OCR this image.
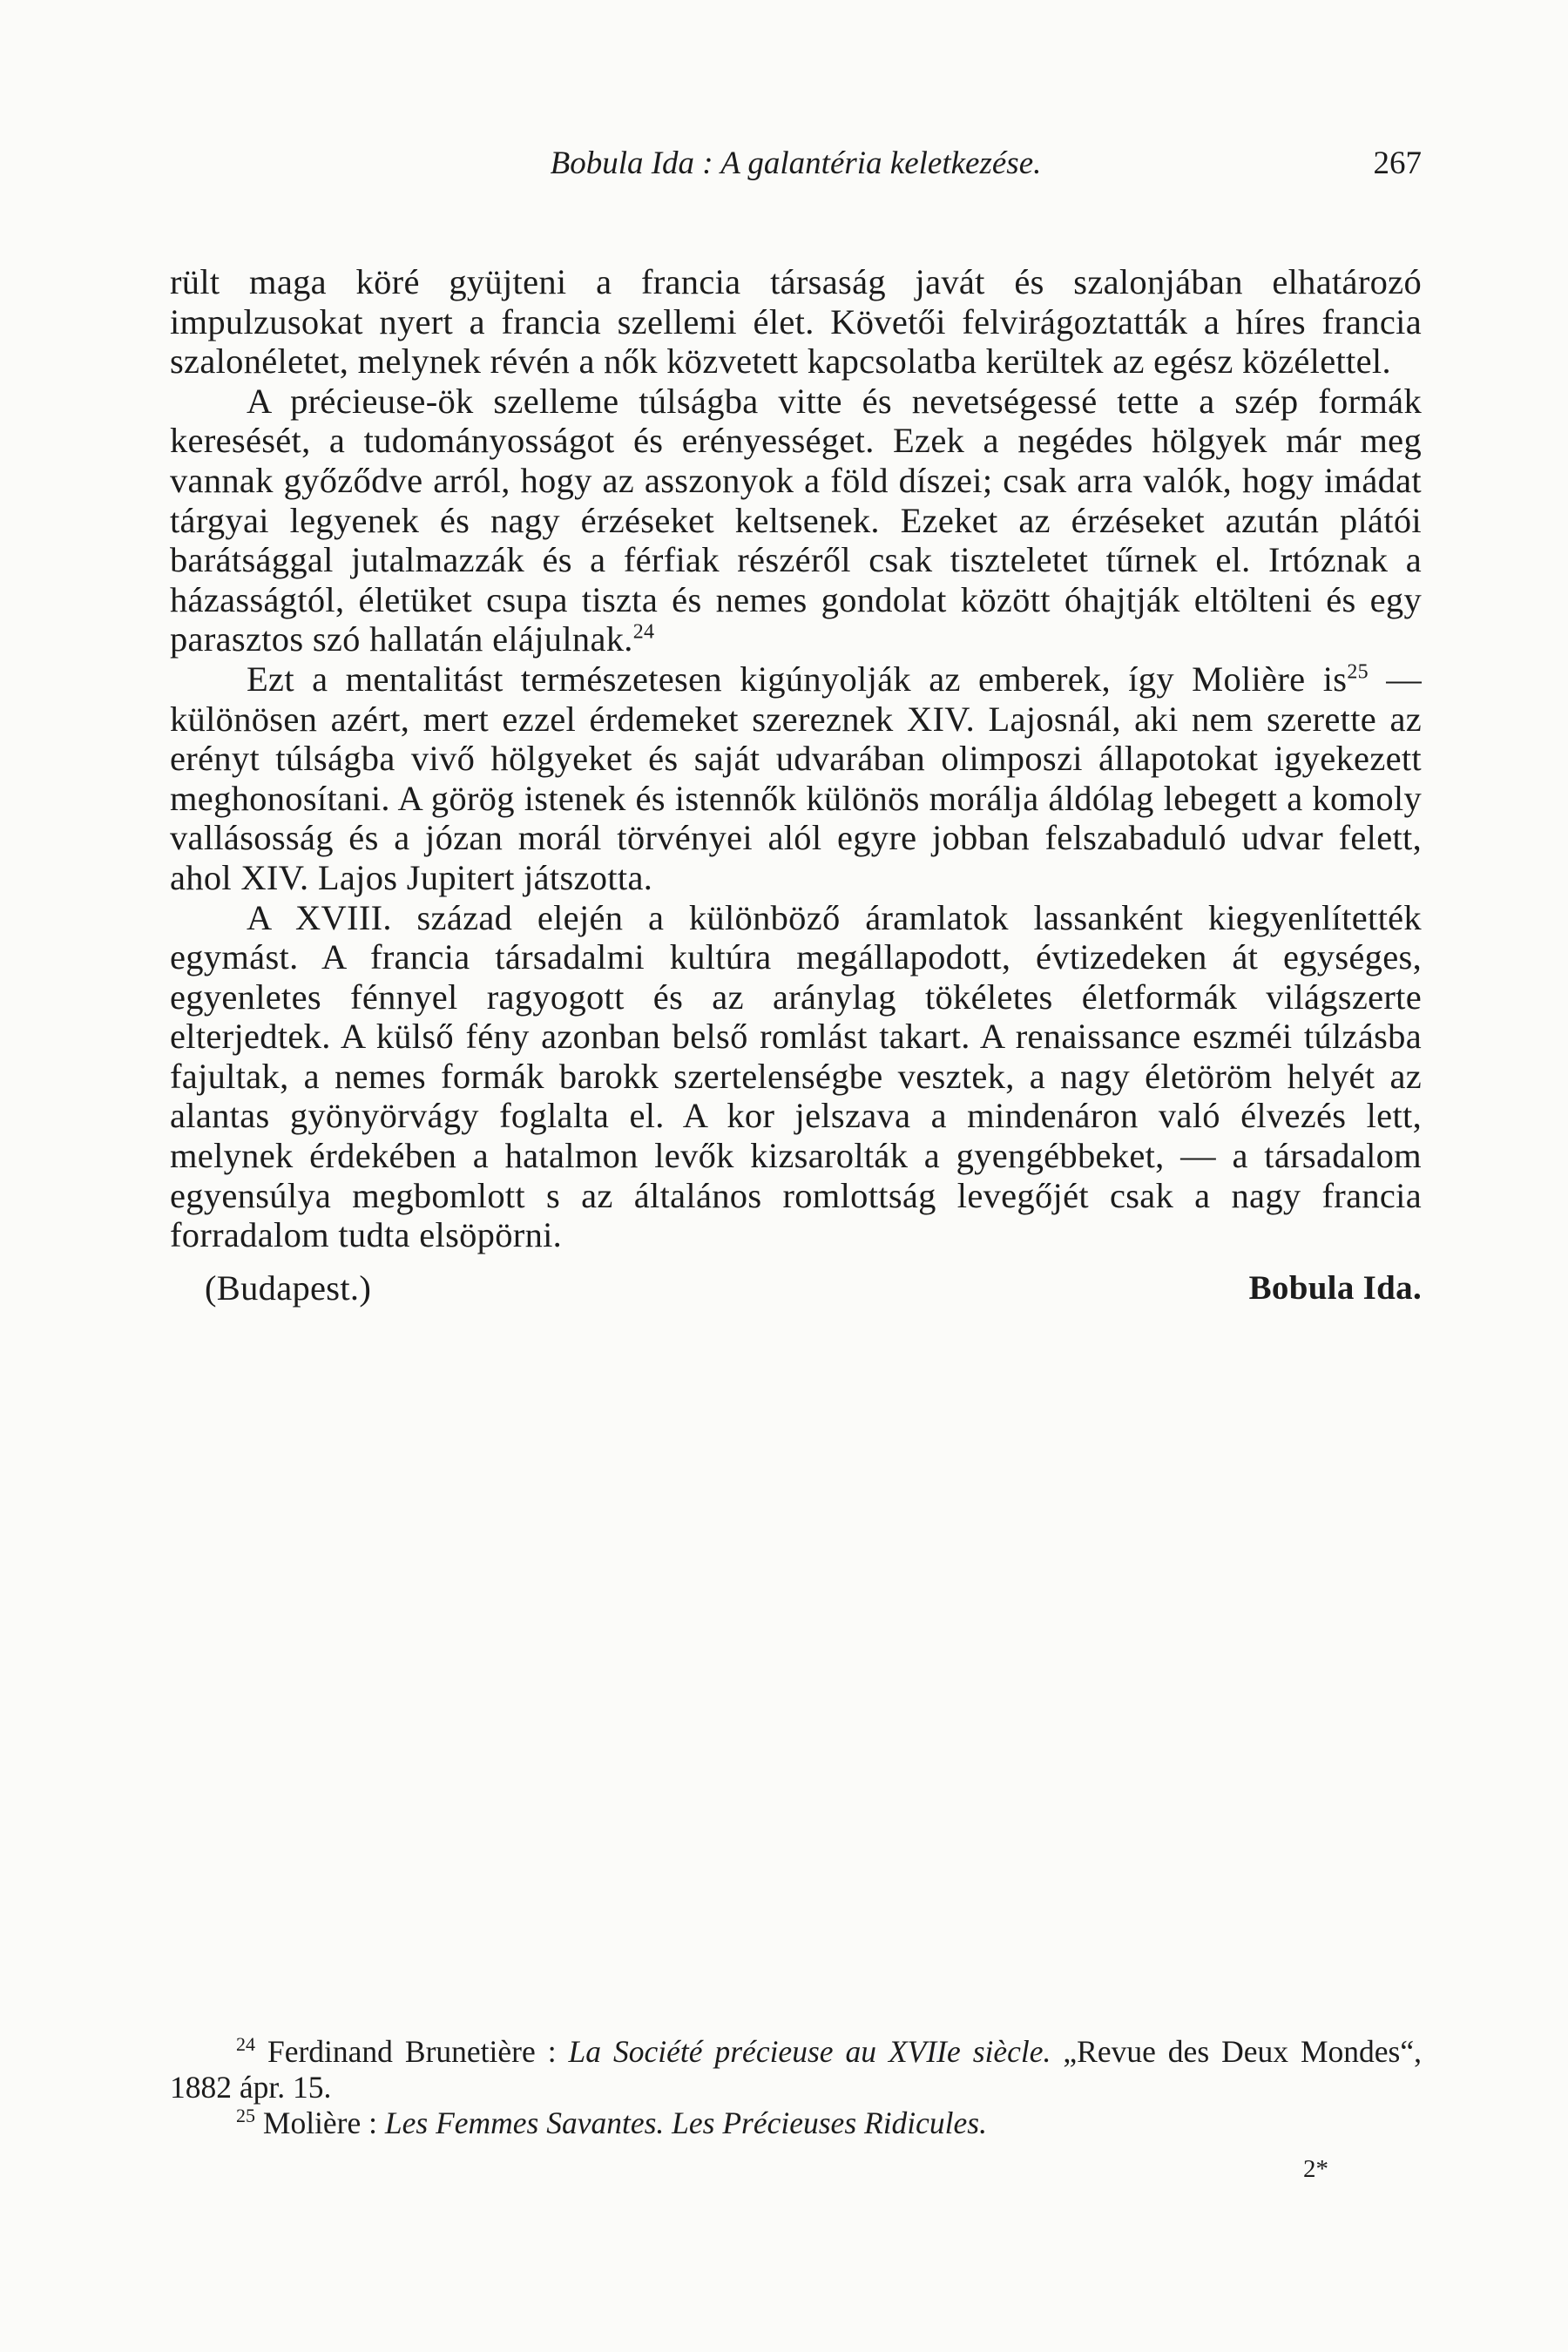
Bobula Ida : A galantéria keletkezése.	267

rült maga köré gyüjteni a francia társaság javát és szalonjában elhatározó impulzusokat nyert a francia szellemi élet. Követői felvirágoztatták a híres francia szalonéletet, melynek révén a nők közvetett kapcsolatba kerültek az egész közélettel.

A précieuse-ök szelleme túlságba vitte és nevetségessé tette a szép formák keresését, a tudományosságot és erényességet. Ezek a negédes hölgyek már meg vannak győződve arról, hogy az asszonyok a föld díszei; csak arra valók, hogy imádat tárgyai legyenek és nagy érzéseket keltsenek. Ezeket az érzéseket azután plátói barátsággal jutalmazzák és a férfiak részéről csak tiszteletet tűrnek el. Irtóznak a házasságtól, életüket csupa tiszta és nemes gondolat között óhajtják eltölteni és egy parasztos szó hallatán elájulnak.$^{24}$

Ezt a mentalitást természetesen kigúnyolják az emberek, így Molière is$^{25}$ — különösen azért, mert ezzel érdemeket szereznek XIV. Lajosnál, aki nem szerette az erényt túlságba vivő hölgyeket és saját udvarában olimposzi állapotokat igyekezett meghonosítani. A görög istenek és istennők különös morálja áldólag lebegett a komoly vallásosság és a józan morál törvényei alól egyre jobban felszabaduló udvar felett, ahol XIV. Lajos Jupitert játszotta.

A XVIII. század elején a különböző áramlatok lassanként kiegyenlítették egymást. A francia társadalmi kultúra megállapodott, évtizedeken át egységes, egyenletes fénnyel ragyogott és az aránylag tökéletes életformák világszerte elterjedtek. A külső fény azonban belső romlást takart. A renaissance eszméi túlzásba fajultak, a nemes formák barokk szertelenségbe vesztek, a nagy életöröm helyét az alantas gyönyörvágy foglalta el. A kor jelszava a mindenáron való élvezés lett, melynek érdekében a hatalmon levők kizsarolták a gyengébbeket, — a társadalom egyensúlya megbomlott s az általános romlottság levegőjét csak a nagy francia forradalom tudta elsöpörni.

(Budapest.)	Bobula Ida.

$^{24}$ Ferdinand Brunetière : La Société précieuse au XVIIe siècle. „Revue des Deux Mondes“, 1882 ápr. 15.

$^{25}$ Molière : Les Femmes Savantes. Les Précieuses Ridicules.

2*
